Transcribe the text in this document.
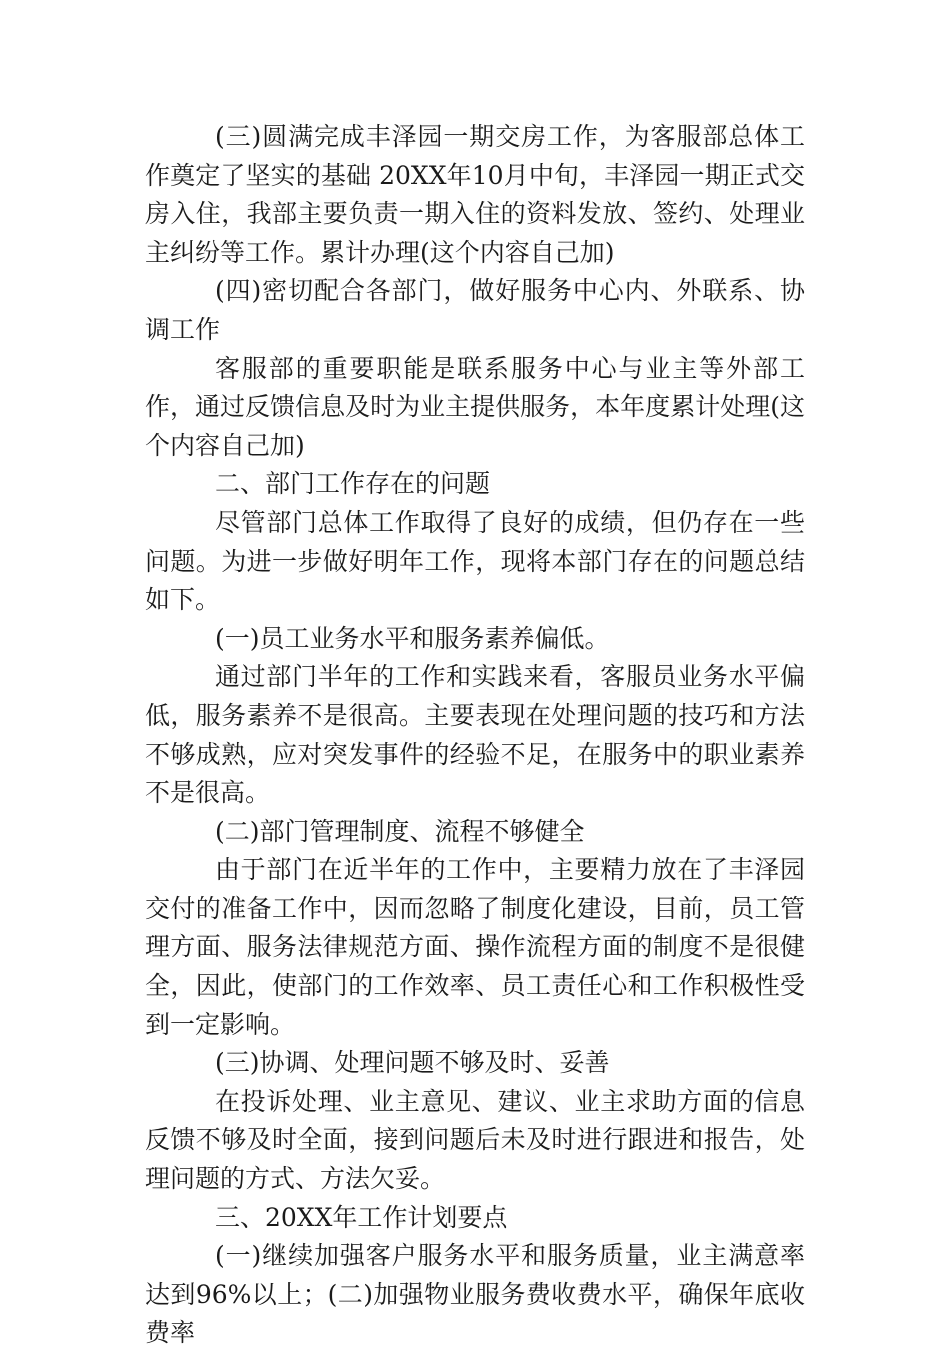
(三)圆满完成丰泽园一期交房工作，为客服部总体工作奠定了坚实的基础 20XX年10月中旬，丰泽园一期正式交房入住，我部主要负责一期入住的资料发放、签约、处理业主纠纷等工作。累计办理(这个内容自己加)

(四)密切配合各部门，做好服务中心内、外联系、协调工作

客服部的重要职能是联系服务中心与业主等外部工作，通过反馈信息及时为业主提供服务，本年度累计处理(这个内容自己加)

二、部门工作存在的问题

尽管部门总体工作取得了良好的成绩，但仍存在一些问题。为进一步做好明年工作，现将本部门存在的问题总结如下。

(一)员工业务水平和服务素养偏低。

通过部门半年的工作和实践来看，客服员业务水平偏低，服务素养不是很高。主要表现在处理问题的技巧和方法不够成熟，应对突发事件的经验不足，在服务中的职业素养不是很高。

(二)部门管理制度、流程不够健全

由于部门在近半年的工作中，主要精力放在了丰泽园交付的准备工作中，因而忽略了制度化建设，目前，员工管理方面、服务法律规范方面、操作流程方面的制度不是很健全，因此，使部门的工作效率、员工责任心和工作积极性受到一定影响。

(三)协调、处理问题不够及时、妥善

在投诉处理、业主意见、建议、业主求助方面的信息反馈不够及时全面，接到问题后未及时进行跟进和报告，处理问题的方式、方法欠妥。

三、20XX年工作计划要点

(一)继续加强客户服务水平和服务质量，业主满意率达到96%以上；(二)加强物业服务费收费水平，确保年底收费率
